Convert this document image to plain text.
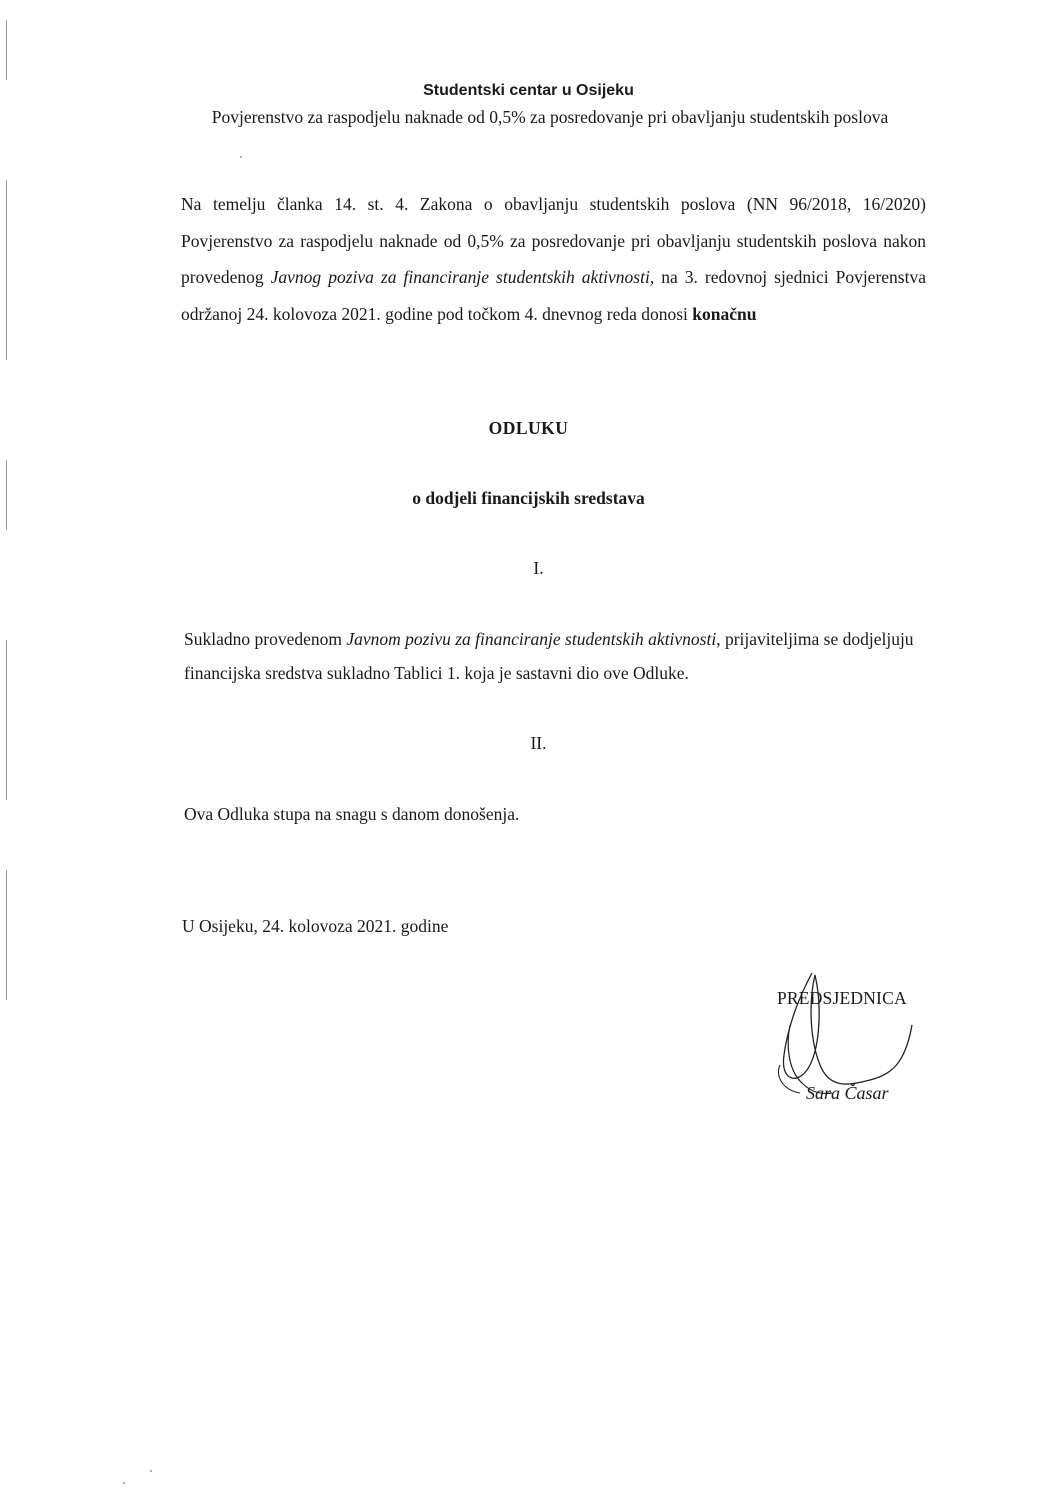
Studentski centar u Osijeku
Povjerenstvo za raspodjelu naknade od 0,5% za posredovanje pri obavljanju studentskih poslova
Na temelju članka 14. st. 4. Zakona o obavljanju studentskih poslova (NN 96/2018, 16/2020) Povjerenstvo za raspodjelu naknade od 0,5% za posredovanje pri obavljanju studentskih poslova nakon provedenog Javnog poziva za financiranje studentskih aktivnosti, na 3. redovnoj sjednici Povjerenstva održanoj 24. kolovoza 2021. godine pod točkom 4. dnevnog reda donosi konačnu
ODLUKU
o dodjeli financijskih sredstava
I.
Sukladno provedenom Javnom pozivu za financiranje studentskih aktivnosti, prijaviteljima se dodjeljuju financijska sredstva sukladno Tablici 1. koja je sastavni dio ove Odluke.
II.
Ova Odluka stupa na snagu s danom donošenja.
U Osijeku, 24. kolovoza 2021. godine
PREDSJEDNICA
Sara Časar
